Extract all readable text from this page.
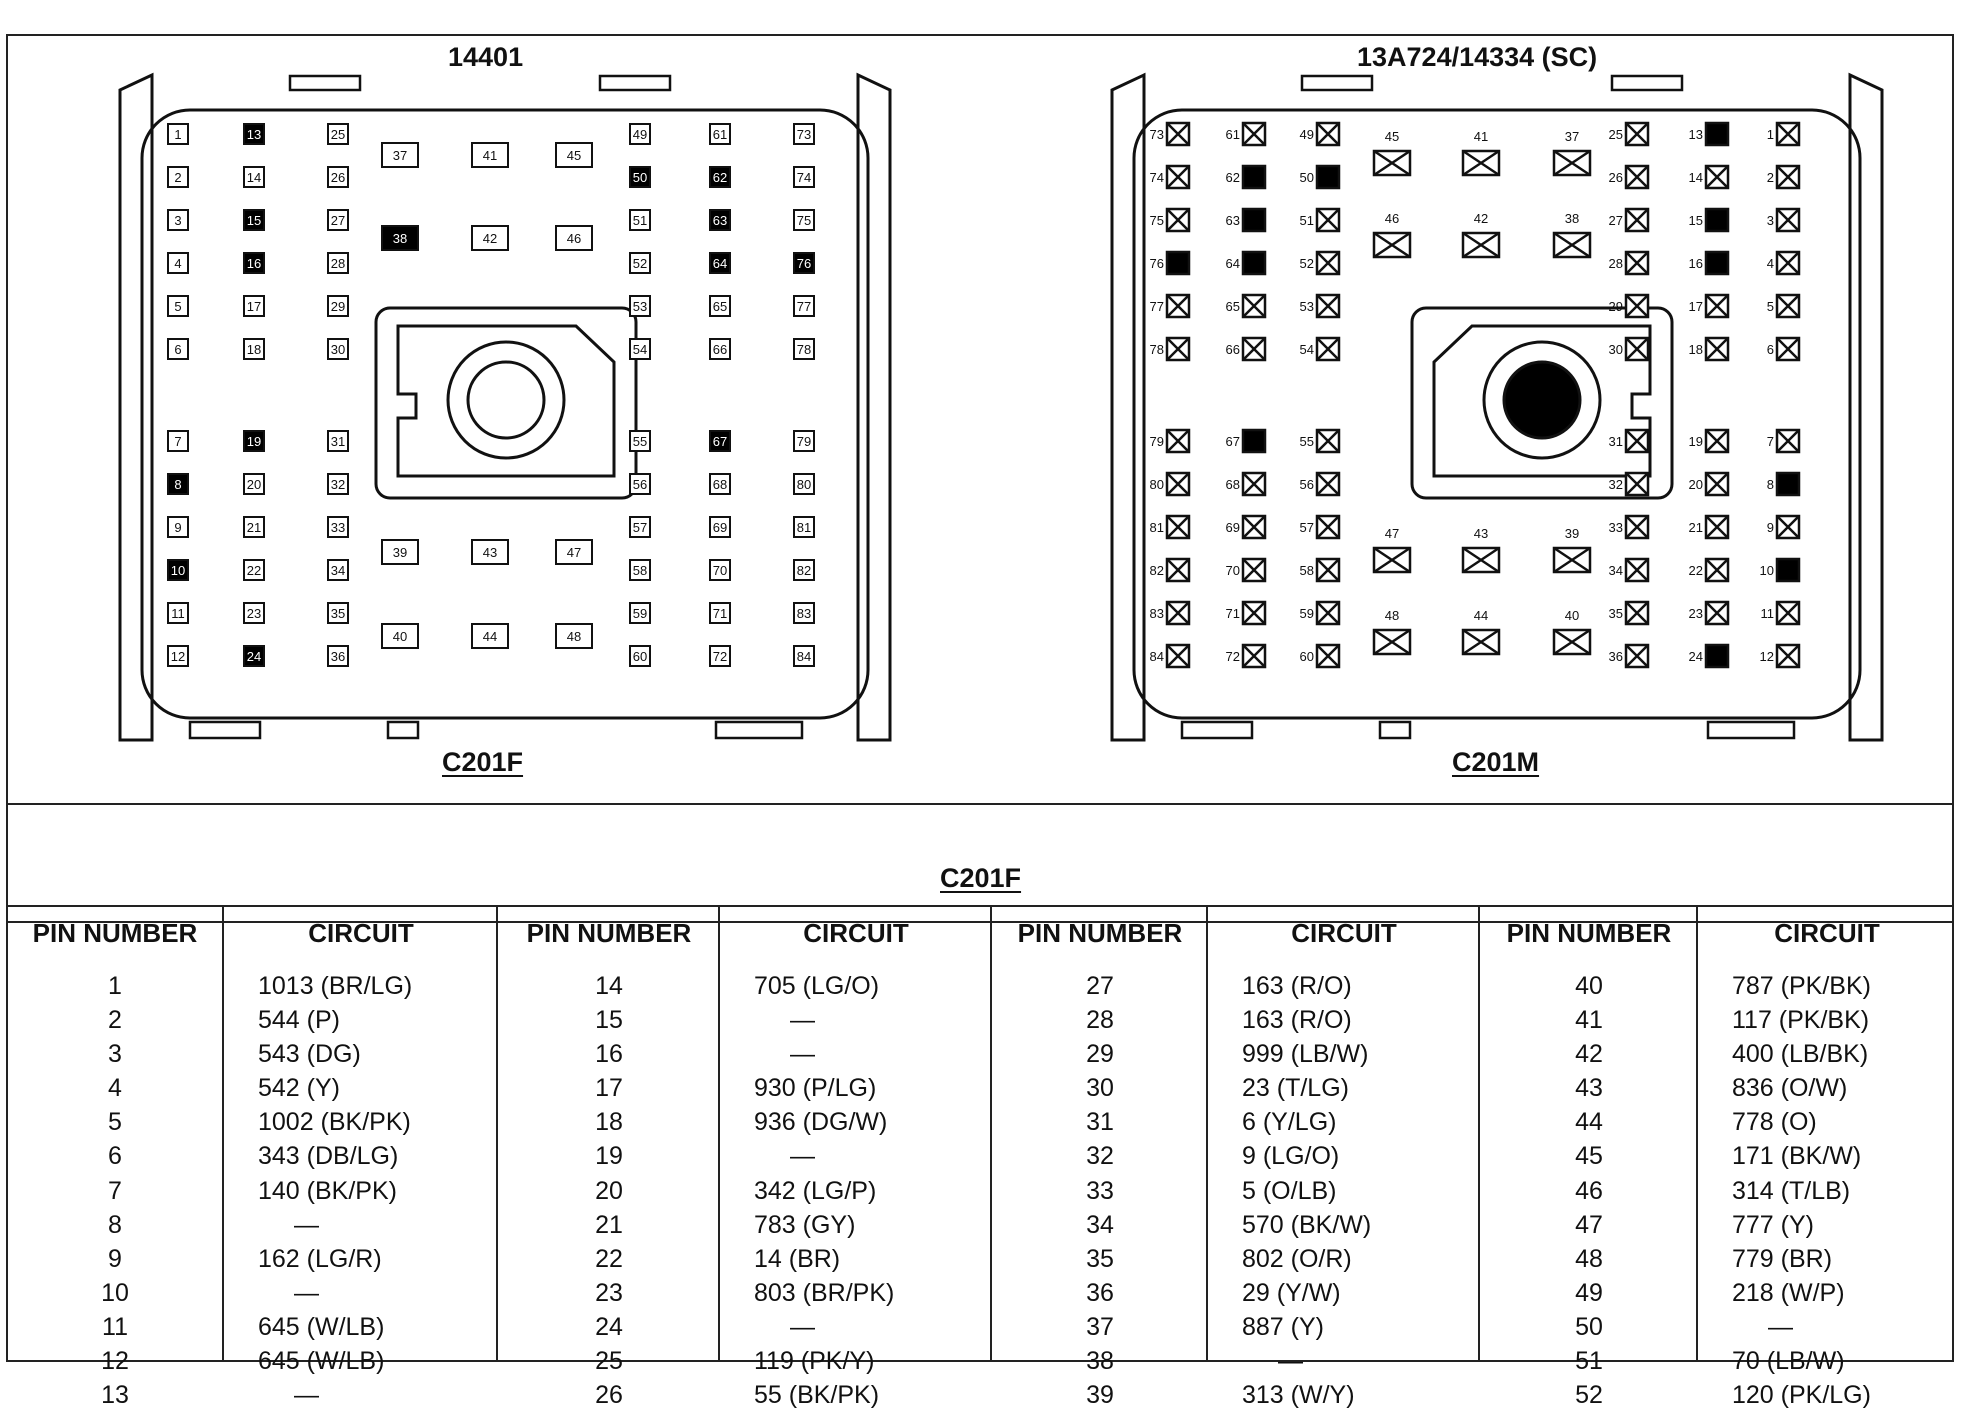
1
2
3
4
5
6
7
8
9
10
11
12
13
14
15
16
17
18
19
20
21
22
23
24
25
26
27
28
29
30
31
32
33
34
35
36
49
50
51
52
53
54
55
56
57
58
59
60
61
62
63
64
65
66
67
68
69
70
71
72
73
74
75
76
77
78
79
80
81
82
83
84
37
38
39
40
41
42
43
44
45
46
47
48
73
74
75
76
77
78
79
80
81
82
83
84
61
62
63
64
65
66
67
68
69
70
71
72
49
50
51
52
53
54
55
56
57
58
59
60
25
26
27
28
29
30
31
32
33
34
35
36
13
14
15
16
17
18
19
20
21
22
23
24
1
2
3
4
5
6
7
8
9
10
11
12
45
46
47
48
41
42
43
44
37
38
39
40
14401
C201F
13A724/14334 (SC)
C201M
C201F
PIN NUMBER
1
2
3
4
5
6
7
8
9
10
11
12
13
CIRCUIT
1013 (BR/LG)
544 (P)
543 (DG)
542 (Y)
1002 (BK/PK)
343 (DB/LG)
140 (BK/PK)
—
162 (LG/R)
—
645 (W/LB)
645 (W/LB)
—
PIN NUMBER
14
15
16
17
18
19
20
21
22
23
24
25
26
CIRCUIT
705 (LG/O)
—
—
930 (P/LG)
936 (DG/W)
—
342 (LG/P)
783 (GY)
14 (BR)
803 (BR/PK)
—
119 (PK/Y)
55 (BK/PK)
PIN NUMBER
27
28
29
30
31
32
33
34
35
36
37
38
39
CIRCUIT
163 (R/O)
163 (R/O)
999 (LB/W)
23 (T/LG)
6 (Y/LG)
9 (LG/O)
5 (O/LB)
570 (BK/W)
802 (O/R)
29 (Y/W)
887 (Y)
—
313 (W/Y)
PIN NUMBER
40
41
42
43
44
45
46
47
48
49
50
51
52
CIRCUIT
787 (PK/BK)
117 (PK/BK)
400 (LB/BK)
836 (O/W)
778 (O)
171 (BK/W)
314 (T/LB)
777 (Y)
779 (BR)
218 (W/P)
—
70 (LB/W)
120 (PK/LG)
